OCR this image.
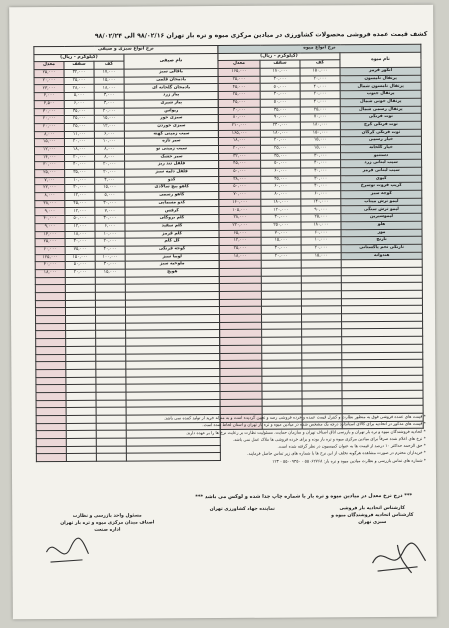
کشف قیمت عمده فروشی محصولات کشاورزی در میادین مرکزی میوه و تره بار تهران ۹۸/۰۲/۱۶ الی ۹۸/۰۲/۲۴
نرخ انواع میوه			
(کیلوگرم - ریال)			نام میوه
معدل	سقف	کف	
۱۶۵,۰۰۰	۱۸۰,۰۰۰	۱۵۰,۰۰۰	انگور قرمز
۲۵,۰۰۰	۳۰,۰۰۰	۲۰,۰۰۰	پرتقال تامسون
۴۵,۰۰۰	۵۰,۰۰۰	۴۰,۰۰۰	پرتقال تامسون شمال
۲۵,۰۰۰	۳۰,۰۰۰	۲۰,۰۰۰	پرتقال جنوب
۴۵,۰۰۰	۵۰,۰۰۰	۴۰,۰۰۰	پرتقال خونی شمال
۳۰,۰۰۰	۳۵,۰۰۰	۲۵,۰۰۰	پرتقال رسمی شمال
۸۰,۰۰۰	۹۰,۰۰۰	۷۰,۰۰۰	توت فرنگی
۲۱۰,۰۰۰	۲۴۰,۰۰۰	۱۸۰,۰۰۰	توت فرنگی کرج
۱۶۵,۰۰۰	۱۸۰,۰۰۰	۱۵۰,۰۰۰	توت فرنگی گرگان
۱۸,۰۰۰	۲۰,۰۰۰	۱۵,۰۰۰	خیار رسمی
۲۰,۰۰۰	۲۵,۰۰۰	۱۵,۰۰۰	خیار گلخانه
۳۲,۰۰۰	۳۵,۰۰۰	۳۰,۰۰۰	دستنبو
۴۵,۰۰۰	۵۰,۰۰۰	۴۰,۰۰۰	سیب لبنانی زرد
۵۰,۰۰۰	۶۰,۰۰۰	۴۰,۰۰۰	سیب لبنانی قرمز
۳۸,۰۰۰	۴۵,۰۰۰	۳۰,۰۰۰	کیوی
۵۰,۰۰۰	۶۰,۰۰۰	۴۰,۰۰۰	گریپ فروت توسرخ
۷۰,۰۰۰	۸۰,۰۰۰	۶۰,۰۰۰	گوجه سبز
۱۶۰,۰۰۰	۱۸۰,۰۰۰	۱۴۰,۰۰۰	لیمو ترش میناب
۱۰۵,۰۰۰	۱۲۰,۰۰۰	۹۰,۰۰۰	لیمو ترش سنگی
۲۸,۰۰۰	۳۰,۰۰۰	۲۵,۰۰۰	لیموشیرین
۲۲۰,۰۰۰	۲۵۰,۰۰۰	۱۸۰,۰۰۰	هلو
۶۵,۰۰۰	۷۰,۰۰۰	۶۰,۰۰۰	موز
۱۲,۰۰۰	۱۵,۰۰۰	۱۰,۰۰۰	نارنج
۲۵,۰۰۰	۳۰,۰۰۰	۲۰,۰۰۰	نارنگی تخم پاکستانی
۱۸,۰۰۰	۲۰,۰۰۰	۱۵,۰۰۰	هندوانه

نرخ انواع سبزی و صیفی			
(کیلوگرم - ریال)			نام صیفی
معدل	سقف	کف	
۲۵,۰۰۰	۳۲,۰۰۰	۱۷,۰۰۰	باقالی سبز
۲۰,۰۰۰	۲۵,۰۰۰	۱۵,۰۰۰	بادمجان قلمی
۲۳,۰۰۰	۲۸,۰۰۰	۱۸,۰۰۰	بادمجان گلخانه ای
۴,۰۰۰	۵,۰۰۰	۳,۰۰۰	پیاز زرد
۴,۵۰۰	۶,۰۰۰	۳,۰۰۰	پیاز شیری
۳۰,۰۰۰	۳۵,۰۰۰	۲۰,۰۰۰	ریواس
۲۰,۰۰۰	۲۵,۰۰۰	۱۵,۰۰۰	سبزی خور
۲۰,۰۰۰	۲۵,۰۰۰	۱۲,۰۰۰	سبزی خوردن
۸,۰۰۰	۱۱,۰۰۰	۶,۰۰۰	سیب زمینی کهنه
۱۵,۰۰۰	۲۰,۰۰۰	۱۰,۰۰۰	سیر تازه
۱۲,۰۰۰	۱۸,۰۰۰	۸,۰۰۰	سیب زمینی نو
۱۴,۰۰۰	۲۰,۰۰۰	۸,۰۰۰	سیر خشک
۳۰,۰۰۰	۴۰,۰۰۰	۲۰,۰۰۰	فلفل تند ریز
۲۵,۰۰۰	۳۵,۰۰۰	۲۰,۰۰۰	فلفل دلمه سبز
۷,۰۰۰	۱۰,۰۰۰	۴,۰۰۰	کدو
۲۲,۰۰۰	۳۰,۰۰۰	۱۵,۰۰۰	کاهو پیچ سالادی
۸,۰۰۰	۱۲,۰۰۰	۵,۰۰۰	کاهو رسمی
۳۸,۰۰۰	۴۵,۰۰۰	۳۰,۰۰۰	کدو مسمایی
۹,۰۰۰	۱۲,۰۰۰	۷,۰۰۰	کرفس
۴۰,۰۰۰	۵۰,۰۰۰	۳۰,۰۰۰	کلم بروکلی
۹,۰۰۰	۱۲,۰۰۰	۶,۰۰۰	کلم سفید
۱۴,۰۰۰	۱۸,۰۰۰	۱۰,۰۰۰	کلم قرمز
۲۵,۰۰۰	۳۰,۰۰۰	۲۰,۰۰۰	گل کلم
۶۰,۰۰۰	۷۵,۰۰۰	۴۰,۰۰۰	گوجه فرنگی
۱۲۵,۰۰۰	۱۵۰,۰۰۰	۱۰۰,۰۰۰	لوبیا سبز
۴۰,۰۰۰	۵۰,۰۰۰	۳۰,۰۰۰	ملوخیه سبز
۱۸,۰۰۰	۲۰,۰۰۰	۱۵,۰۰۰	هویج

* قیمت های عمده فروشی فوق به منظور نظارت و کنترل قیمت عمده و خرده فروشی رصد و تعیین گردیده است و به منزله خرید از تولید کننده نمی باشد.
* قیمت های مذکور در اتحادیه برای کالای استاندارد درجه یک مشخص شده در میادین میوه و تره بار تهران و استان لحاظ شده است.
* اتحادیه فروشندگان میوه و تره بار تهران و بازرسی اتاق اصناف تهران و سازمان حمایت، مسئولیت نظارت بر رعایت نرخ ها را بر عهده دارند.
* نرخ های اعلام شده صرفاً برای میادین مرکزی میوه و تره بار بوده و برای خرده فروشی ها ملاک عمل نمی باشد.
* حق الزحمه حداکثر ۱۰ درصد از قیمت ها به عنوان کمیسیون در نظر گرفته شده است.
* خریداران محترم در صورت مشاهده هرگونه تخلف از این نرخ ها با شماره های زیر تماس حاصل فرمایند.
* شماره های تماس بازرسی و نظارت میادین میوه و تره بار: ۵۵۰۶۲۷۶۸ - ۵۵۰۰۹۴۵۰ - ۱۲۴
*** درج نرخ معدل در میادین میوه و تره بار با شماره چاپ جدا شده و لوکس می باشد ***
کارشناس اتحادیه بار فروشی
کارشناس اتحادیه فروشندگان میوه و
سبزی تهران
نماینده جهاد کشاورزی تهران
مسئول واحد بازرسی و نظارت
اصناف میدان مرکزی میوه و تره بار تهران
اداره صنعت
